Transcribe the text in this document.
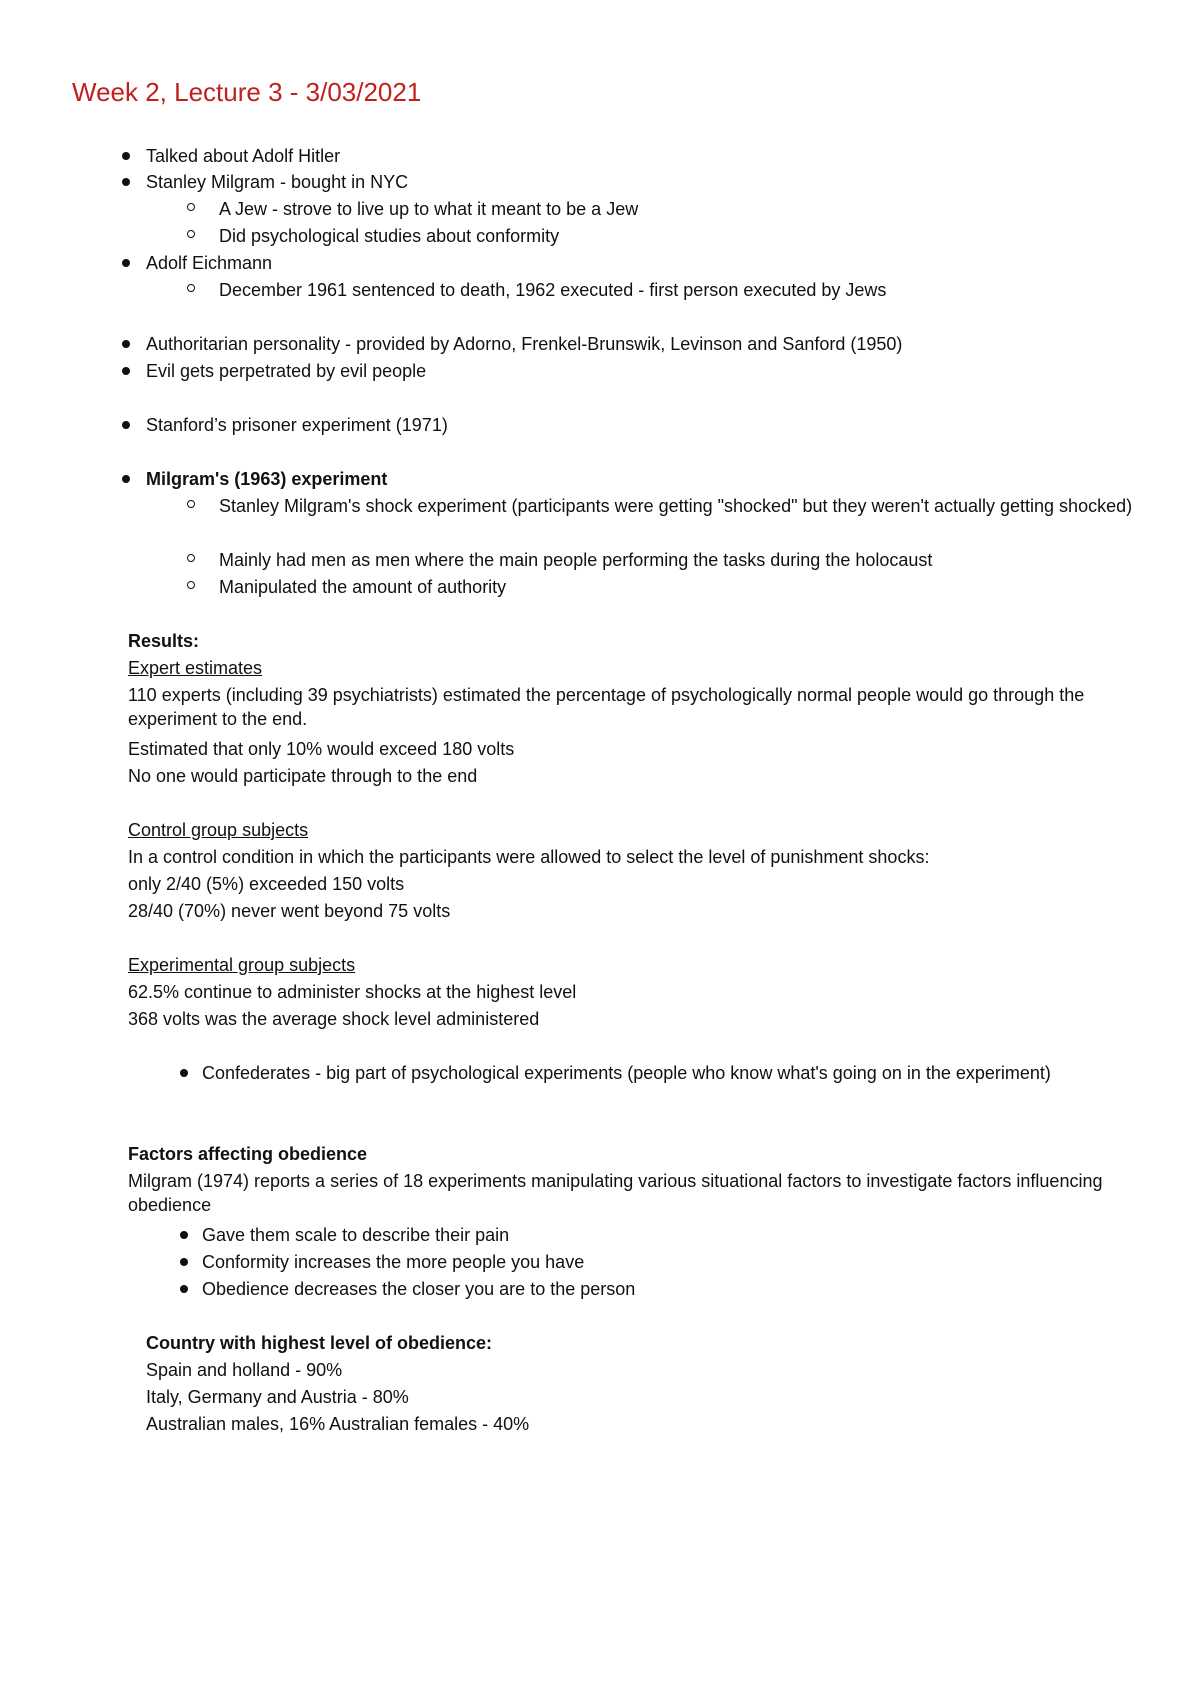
Week 2, Lecture 3 - 3/03/2021
Talked about Adolf Hitler
Stanley Milgram - bought in NYC
A Jew - strove to live up to what it meant to be a Jew
Did psychological studies about conformity
Adolf Eichmann
December 1961 sentenced to death, 1962 executed - first person executed by Jews
Authoritarian personality - provided by Adorno, Frenkel-Brunswik, Levinson and Sanford (1950)
Evil gets perpetrated by evil people
Stanford’s prisoner experiment (1971)
Milgram's (1963) experiment
Stanley Milgram's shock experiment (participants were getting "shocked" but they weren't actually getting shocked)
Mainly had men as men where the main people performing the tasks during the holocaust
Manipulated the amount of authority
Results:
Expert estimates
110 experts (including 39 psychiatrists) estimated the percentage of psychologically normal people would go through the experiment to the end.
Estimated that only 10% would exceed 180 volts
No one would participate through to the end
Control group subjects
In a control condition in which the participants were allowed to select the level of punishment shocks:
only 2/40 (5%) exceeded 150 volts
28/40 (70%) never went beyond 75 volts
Experimental group subjects
62.5% continue to administer shocks at the highest level
368 volts was the average shock level administered
Confederates - big part of psychological experiments (people who know what's going on in the experiment)
Factors affecting obedience
Milgram (1974) reports a series of 18 experiments manipulating various situational factors to investigate factors influencing obedience
Gave them scale to describe their pain
Conformity increases the more people you have
Obedience decreases the closer you are to the person
Country with highest level of obedience:
Spain and holland - 90%
Italy, Germany and Austria - 80%
Australian males, 16% Australian females - 40%
